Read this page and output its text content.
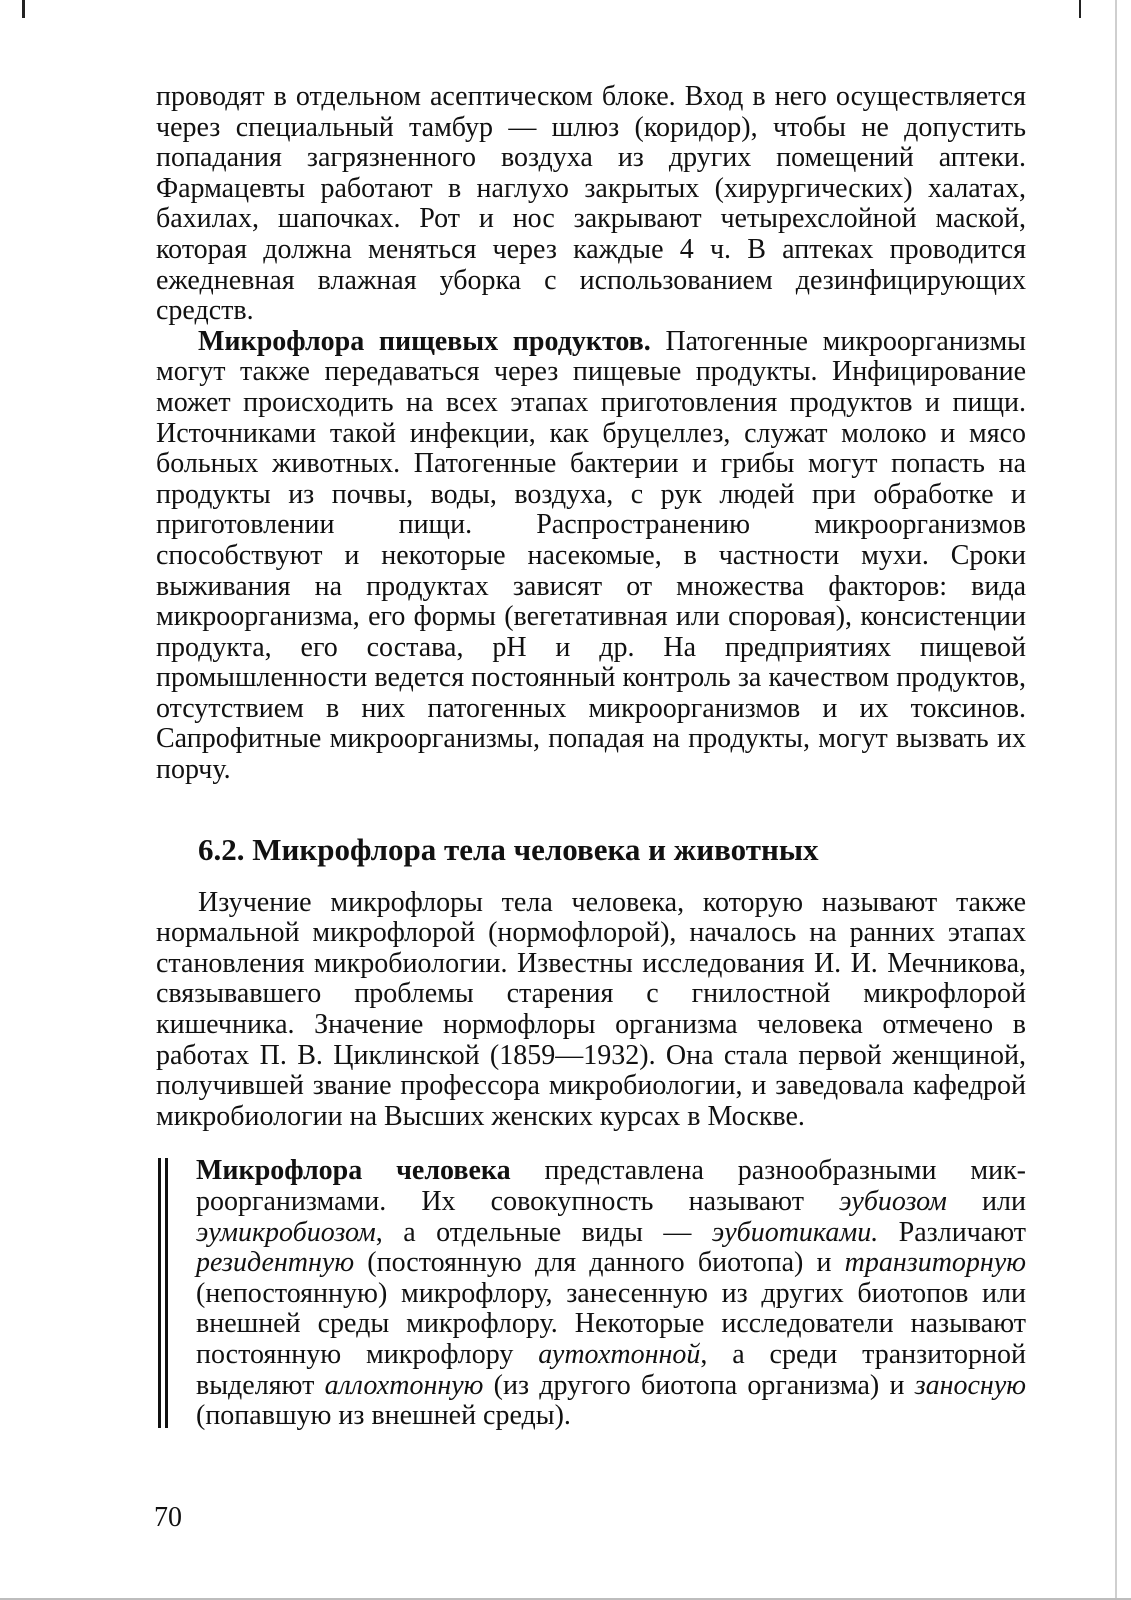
проводят в отдельном асептическом блоке. Вход в него осуществляется через специальный тамбур — шлюз (коридор), чтобы не допустить попадания загрязненного воздуха из других помещений аптеки. Фармацевты работают в наглухо закрытых (хирургических) халатах, бахилах, шапочках. Рот и нос закрывают четырехслойной маской, которая должна меняться через каждые 4 ч. В аптеках проводится ежедневная влажная уборка с использованием дезинфицирующих средств.

Микрофлора пищевых продуктов. Патогенные микроорганизмы могут также передаваться через пищевые продукты. Инфицирование может происходить на всех этапах приготовления продуктов и пищи. Источниками такой инфекции, как бруцеллез, служат молоко и мясо больных животных. Патогенные бактерии и грибы могут попасть на продукты из почвы, воды, воздуха, с рук людей при обработке и приготовлении пищи. Распространению микроорганизмов способствуют и некоторые насекомые, в частности мухи. Сроки выживания на продуктах зависят от множества факторов: вида микроорганизма, его формы (вегетативная или споровая), консистенции продукта, его состава, pH и др. На предприятиях пищевой промышленности ведется постоянный контроль за качеством продуктов, отсутствием в них патогенных микроорганизмов и их токсинов. Сапрофитные микроорганизмы, попадая на продукты, могут вызвать их порчу.

6.2. Микрофлора тела человека и животных

Изучение микрофлоры тела человека, которую называют также нормальной микрофлорой (нормофлорой), началось на ранних этапах становления микробиологии. Известны исследования И. И. Мечникова, связывавшего проблемы старения с гнилостной микрофлорой кишечника. Значение нормофлоры организма человека отмечено в работах П. В. Циклинской (1859—1932). Она стала первой женщиной, получившей звание профессора микробиологии, и заведовала кафедрой микробиологии на Высших женских курсах в Москве.

Микрофлора человека представлена разнообразными микроорганизмами. Их совокупность называют эубиозом или эумикробиозом, а отдельные виды — эубиотиками. Различают резидентную (постоянную для данного биотопа) и транзиторную (непостоянную) микрофлору, занесенную из других биотопов или внешней среды микрофлору. Некоторые исследователи называют постоянную микрофлору аутохтонной, а среди транзиторной выделяют аллохтонную (из другого биотопа организма) и заносную (попавшую из внешней среды).

70
